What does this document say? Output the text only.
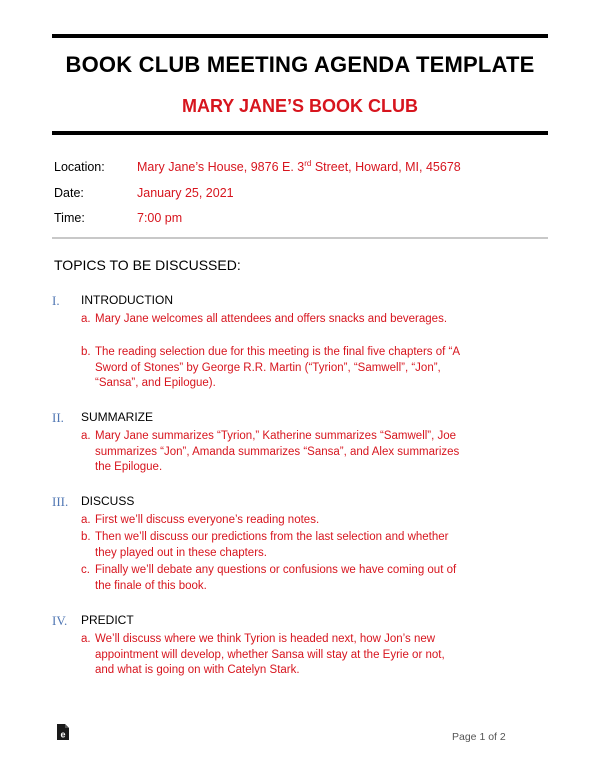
BOOK CLUB MEETING AGENDA TEMPLATE
MARY JANE’S BOOK CLUB
Location:	Mary Jane’s House, 9876 E. 3rd Street, Howard, MI, 45678
Date:	January 25, 2021
Time:	7:00 pm
TOPICS TO BE DISCUSSED:
I. INTRODUCTION
a. Mary Jane welcomes all attendees and offers snacks and beverages.
b. The reading selection due for this meeting is the final five chapters of “A Sword of Stones” by George R.R. Martin (“Tyrion”, “Samwell”, “Jon”, “Sansa”, and Epilogue).
II. SUMMARIZE
a. Mary Jane summarizes “Tyrion,” Katherine summarizes “Samwell”, Joe summarizes “Jon”, Amanda summarizes “Sansa”, and Alex summarizes the Epilogue.
III. DISCUSS
a. First we’ll discuss everyone’s reading notes.
b. Then we’ll discuss our predictions from the last selection and whether they played out in these chapters.
c. Finally we’ll debate any questions or confusions we have coming out of the finale of this book.
IV. PREDICT
a. We’ll discuss where we think Tyrion is headed next, how Jon’s new appointment will develop, whether Sansa will stay at the Eyrie or not, and what is going on with Catelyn Stark.
e	Page 1 of 2
